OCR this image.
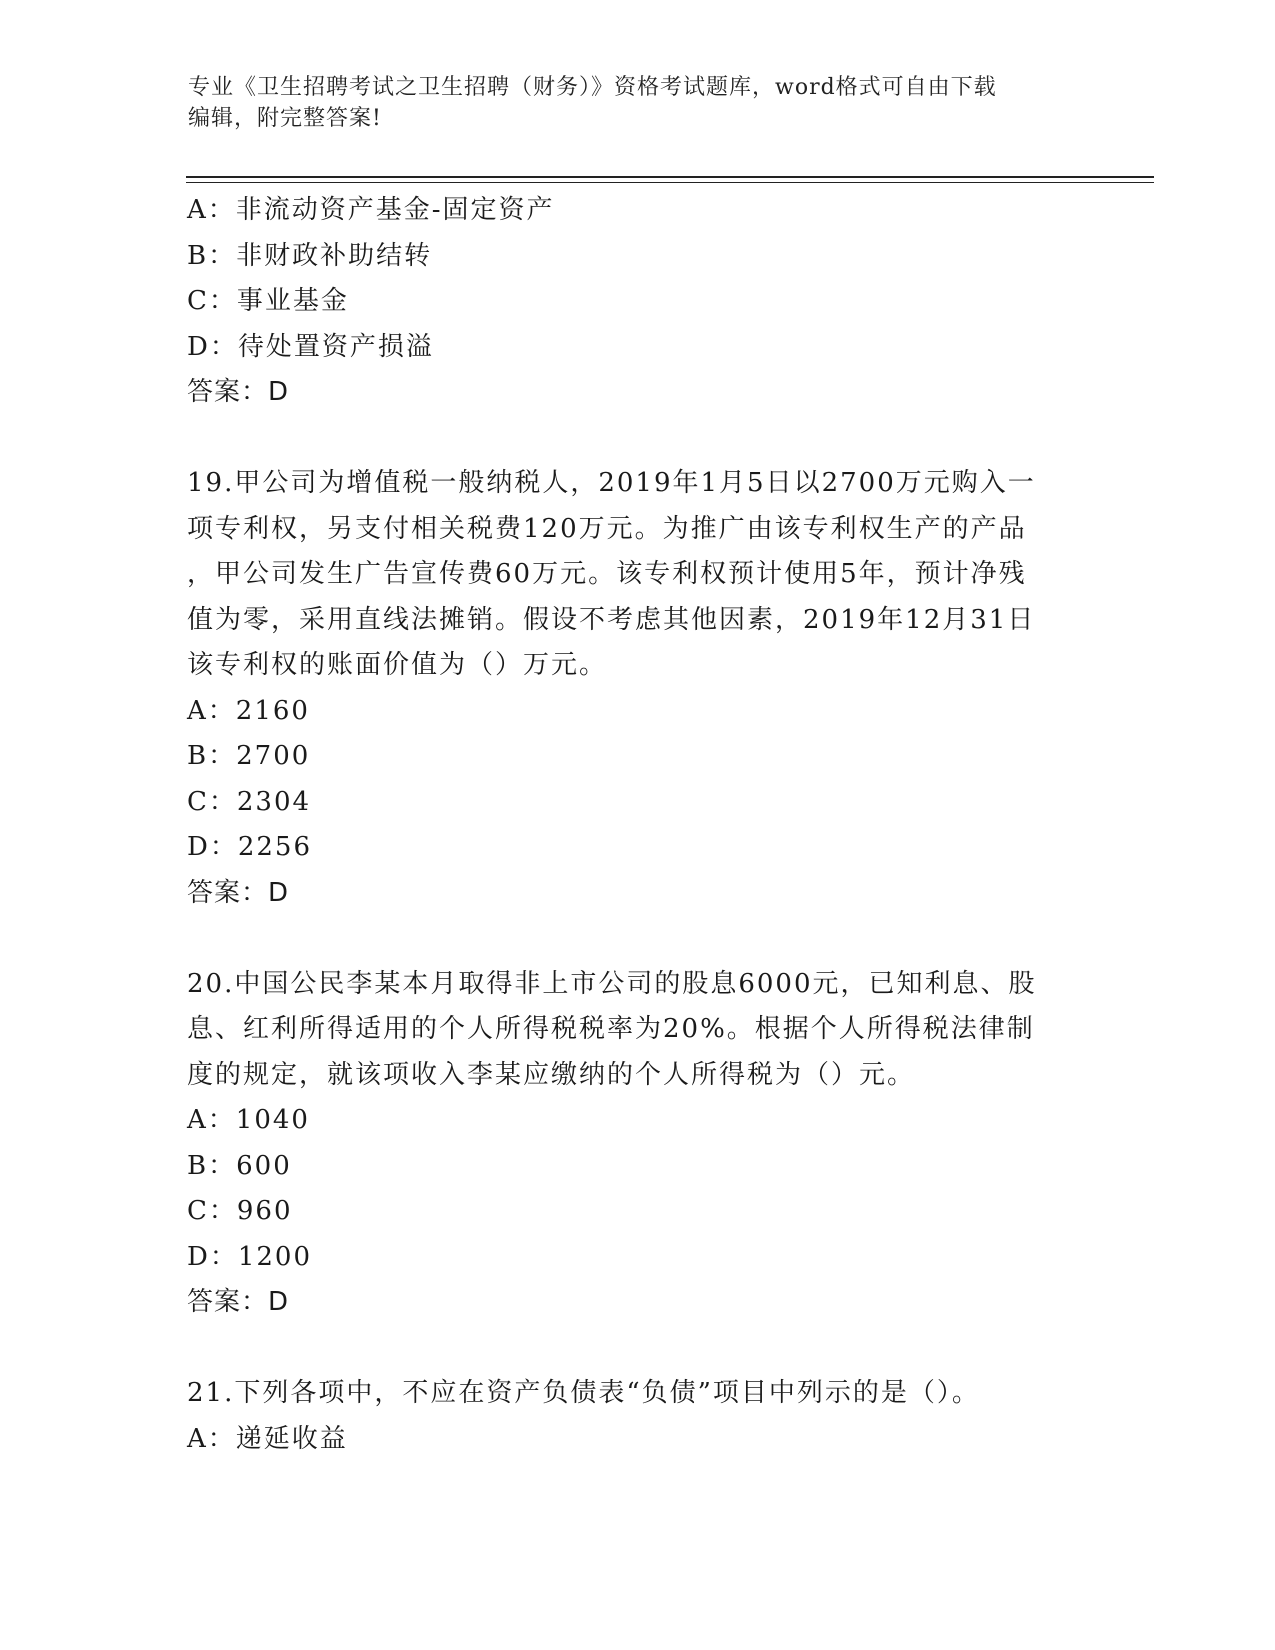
专业《卫生招聘考试之卫生招聘（财务）》资格考试题库，word格式可自由下载
编辑，附完整答案!
A：非流动资产基金-固定资产
B：非财政补助结转
C：事业基金
D：待处置资产损溢
答案：D
19.甲公司为增值税一般纳税人，2019年1月5日以2700万元购入一
项专利权，另支付相关税费120万元。为推广由该专利权生产的产品
，甲公司发生广告宣传费60万元。该专利权预计使用5年，预计净残
值为零，采用直线法摊销。假设不考虑其他因素，2019年12月31日
该专利权的账面价值为（）万元。
A：2160
B：2700
C：2304
D：2256
答案：D
20.中国公民李某本月取得非上市公司的股息6000元，已知利息、股
息、红利所得适用的个人所得税税率为20%。根据个人所得税法律制
度的规定，就该项收入李某应缴纳的个人所得税为（）元。
A：1040
B：600
C：960
D：1200
答案：D
21.下列各项中，不应在资产负债表“负债”项目中列示的是（）。
A：递延收益
